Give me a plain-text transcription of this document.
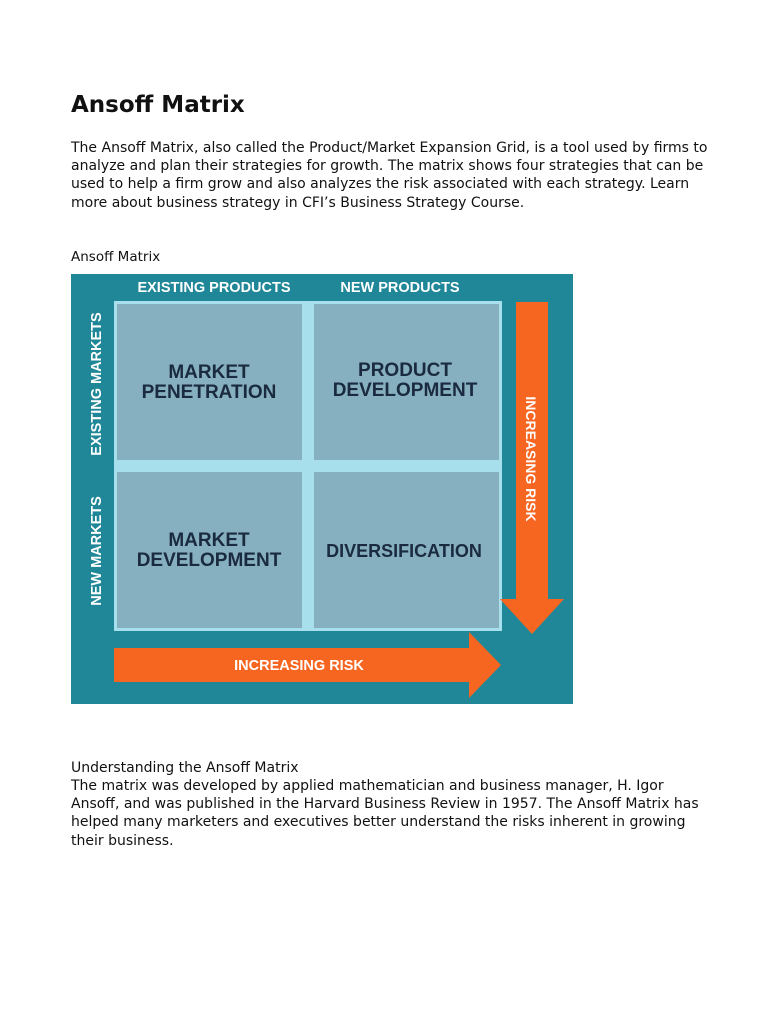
Ansoff Matrix

The Ansoff Matrix, also called the Product/Market Expansion Grid, is a tool used by firms to analyze and plan their strategies for growth. The matrix shows four strategies that can be used to help a firm grow and also analyzes the risk associated with each strategy. Learn more about business strategy in CFI’s Business Strategy Course.

Ansoff Matrix

EXISTING PRODUCTS	NEW PRODUCTS
EXISTING MARKETS
NEW MARKETS
MARKET
PENETRATION
PRODUCT
DEVELOPMENT
MARKET
DEVELOPMENT DIVERSIFICATION
INCREASING RISK
INCREASING RISK
Understanding the Ansoff Matrix

The matrix was developed by applied mathematician and business manager, H. Igor Ansoff, and was published in the Harvard Business Review in 1957. The Ansoff Matrix has helped many marketers and executives better understand the risks inherent in growing their business.
